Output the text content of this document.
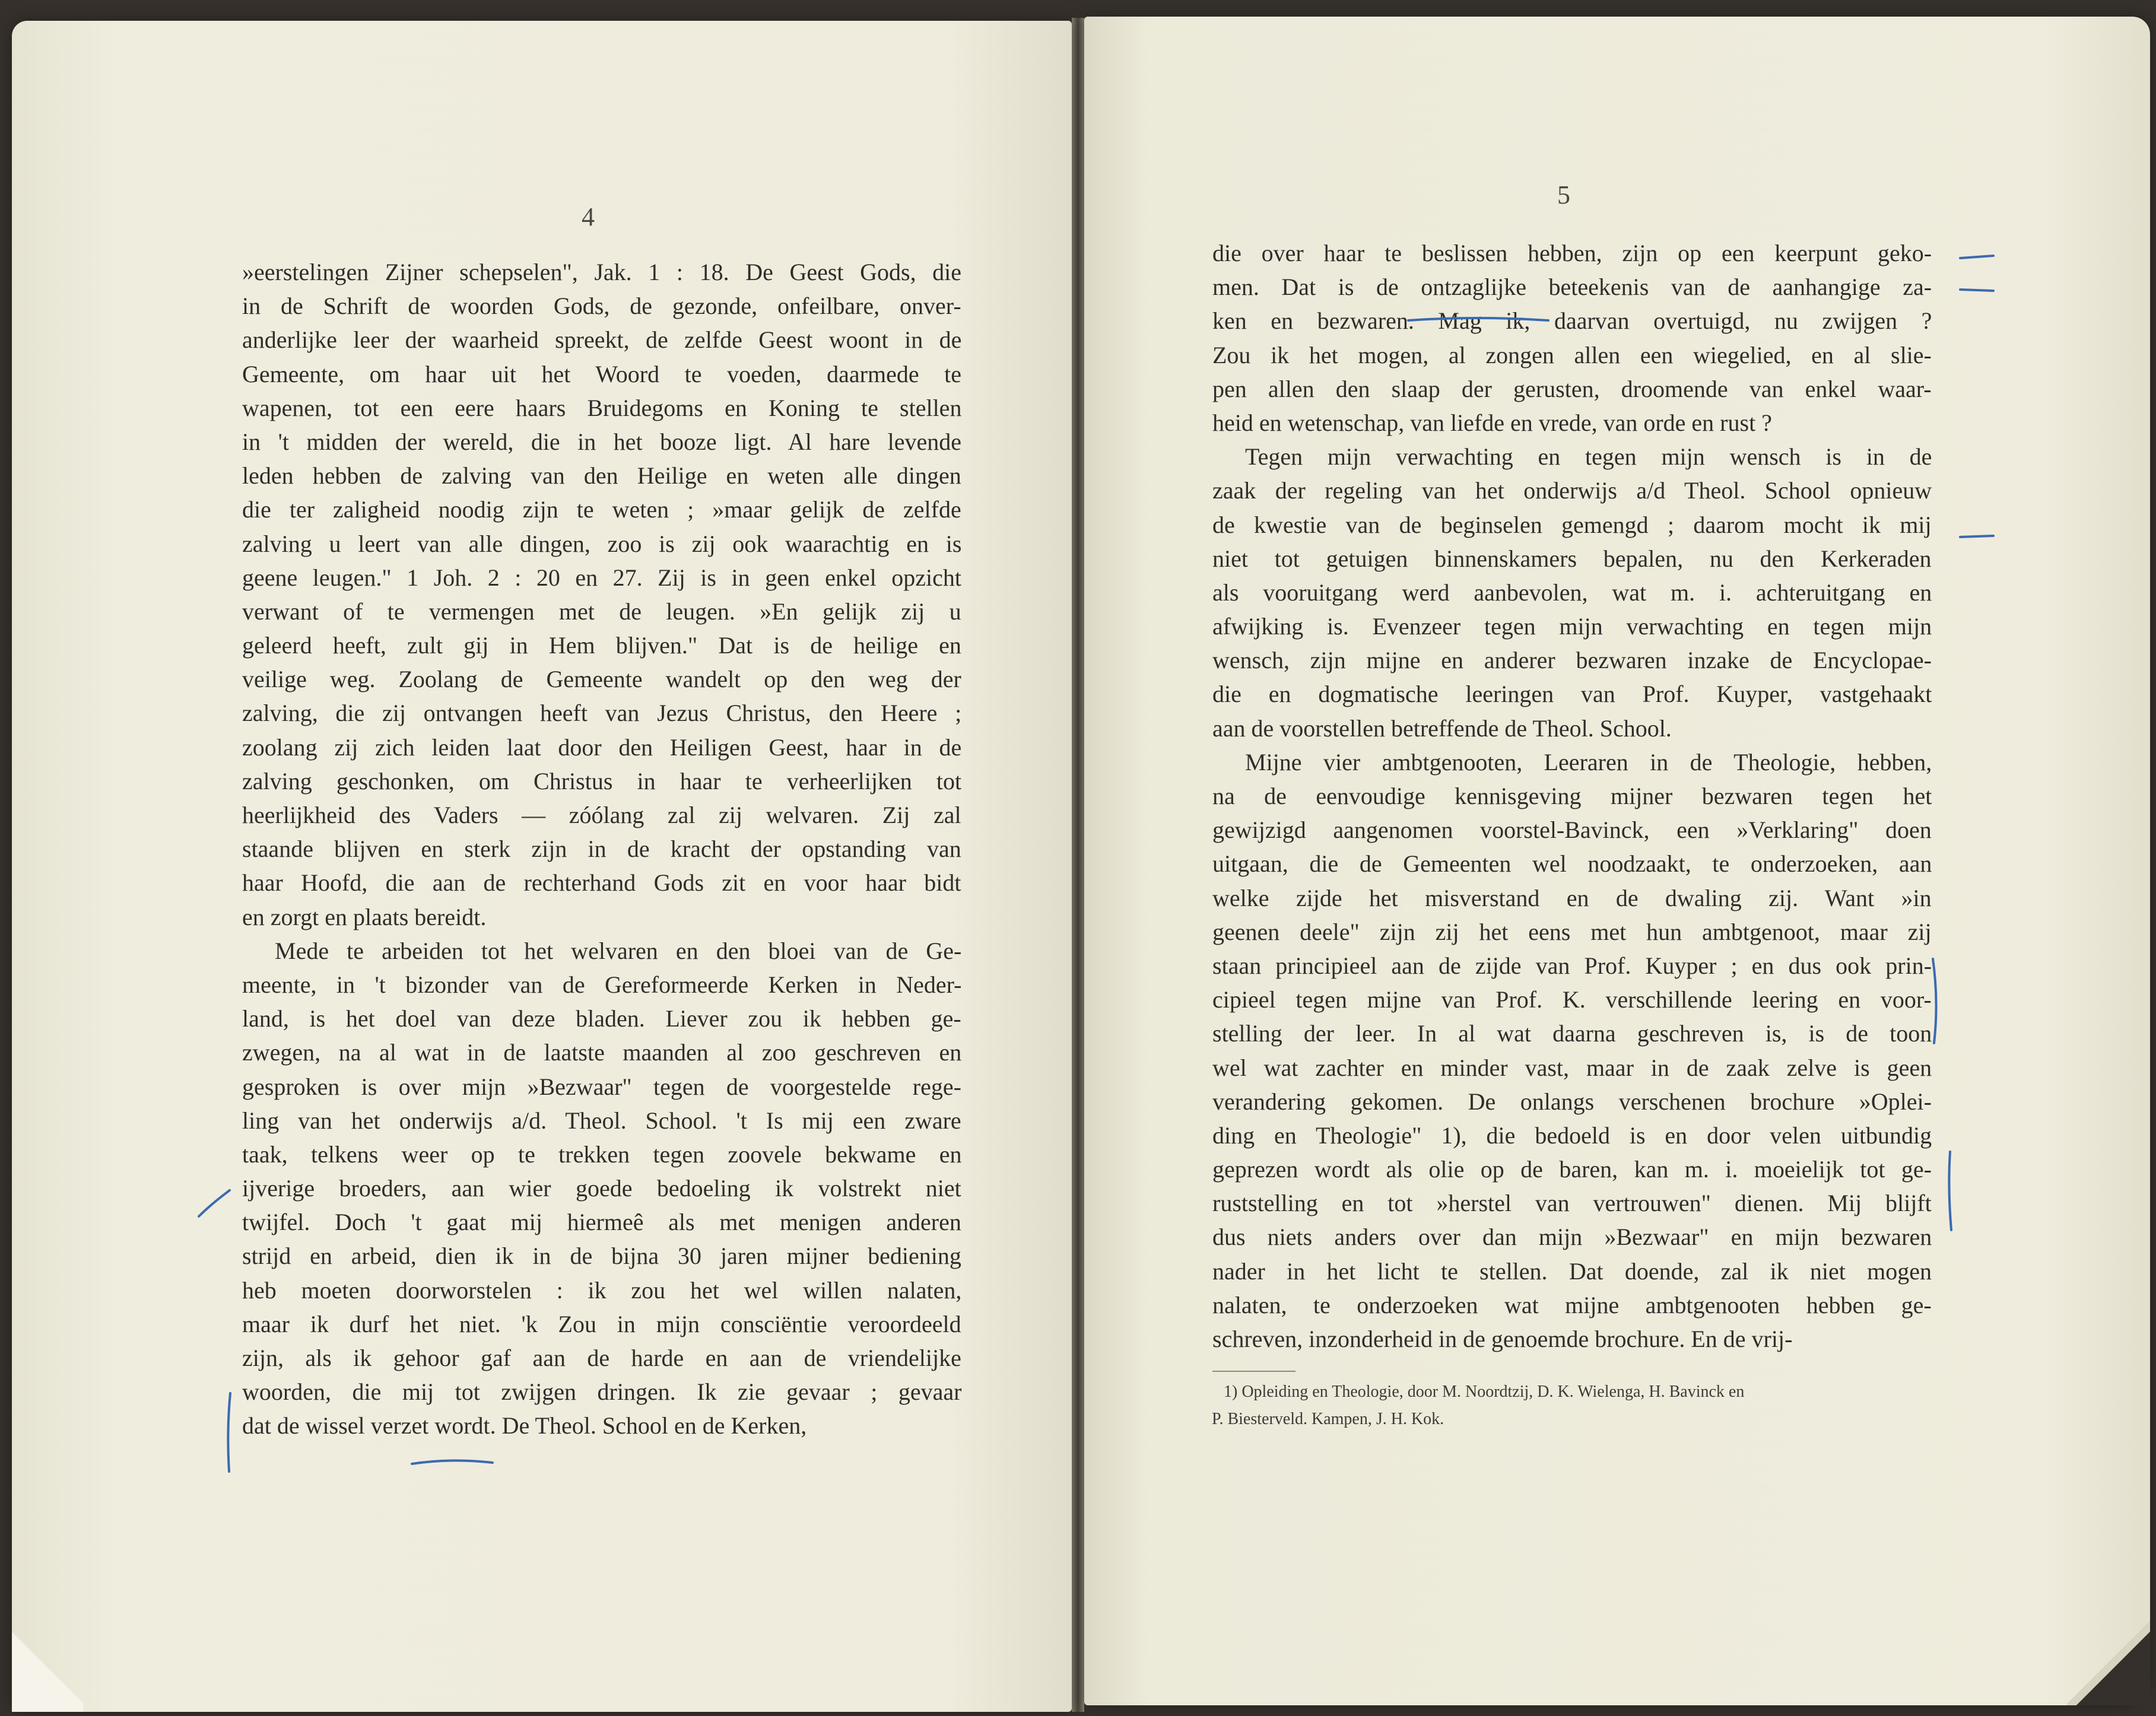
4
»eerstelingen Zijner schepselen", Jak. 1 : 18. De Geest Gods, die
in de Schrift de woorden Gods, de gezonde, onfeilbare, onver-
anderlijke leer der waarheid spreekt, de zelfde Geest woont in de
Gemeente, om haar uit het Woord te voeden, daarmede te
wapenen, tot een eere haars Bruidegoms en Koning te stellen
in 't midden der wereld, die in het booze ligt. Al hare levende
leden hebben de zalving van den Heilige en weten alle dingen
die ter zaligheid noodig zijn te weten ; »maar gelijk de zelfde
zalving u leert van alle dingen, zoo is zij ook waarachtig en is
geene leugen." 1 Joh. 2 : 20 en 27. Zij is in geen enkel opzicht
verwant of te vermengen met de leugen. »En gelijk zij u
geleerd heeft, zult gij in Hem blijven." Dat is de heilige en
veilige weg. Zoolang de Gemeente wandelt op den weg der
zalving, die zij ontvangen heeft van Jezus Christus, den Heere ;
zoolang zij zich leiden laat door den Heiligen Geest, haar in de
zalving geschonken, om Christus in haar te verheerlijken tot
heerlijkheid des Vaders — zóólang zal zij welvaren. Zij zal
staande blijven en sterk zijn in de kracht der opstanding van
haar Hoofd, die aan de rechterhand Gods zit en voor haar bidt
en zorgt en plaats bereidt.
Mede te arbeiden tot het welvaren en den bloei van de Ge-
meente, in 't bizonder van de Gereformeerde Kerken in Neder-
land, is het doel van deze bladen. Liever zou ik hebben ge-
zwegen, na al wat in de laatste maanden al zoo geschreven en
gesproken is over mijn »Bezwaar" tegen de voorgestelde rege-
ling van het onderwijs a/d. Theol. School. 't Is mij een zware
taak, telkens weer op te trekken tegen zoovele bekwame en
ijverige broeders, aan wier goede bedoeling ik volstrekt niet
twijfel. Doch 't gaat mij hiermeê als met menigen anderen
strijd en arbeid, dien ik in de bijna 30 jaren mijner bediening
heb moeten doorworstelen : ik zou het wel willen nalaten,
maar ik durf het niet. 'k Zou in mijn consciëntie veroordeeld
zijn, als ik gehoor gaf aan de harde en aan de vriendelijke
woorden, die mij tot zwijgen dringen. Ik zie gevaar ; gevaar
dat de wissel verzet wordt. De Theol. School en de Kerken,
5
die over haar te beslissen hebben, zijn op een keerpunt geko-
men. Dat is de ontzaglijke beteekenis van de aanhangige za-
ken en bezwaren. Mag ik, daarvan overtuigd, nu zwijgen ?
Zou ik het mogen, al zongen allen een wiegelied, en al slie-
pen allen den slaap der gerusten, droomende van enkel waar-
heid en wetenschap, van liefde en vrede, van orde en rust ?
Tegen mijn verwachting en tegen mijn wensch is in de
zaak der regeling van het onderwijs a/d Theol. School opnieuw
de kwestie van de beginselen gemengd ; daarom mocht ik mij
niet tot getuigen binnenskamers bepalen, nu den Kerkeraden
als vooruitgang werd aanbevolen, wat m. i. achteruitgang en
afwijking is. Evenzeer tegen mijn verwachting en tegen mijn
wensch, zijn mijne en anderer bezwaren inzake de Encyclopae-
die en dogmatische leeringen van Prof. Kuyper, vastgehaakt
aan de voorstellen betreffende de Theol. School.
Mijne vier ambtgenooten, Leeraren in de Theologie, hebben,
na de eenvoudige kennisgeving mijner bezwaren tegen het
gewijzigd aangenomen voorstel-Bavinck, een »Verklaring" doen
uitgaan, die de Gemeenten wel noodzaakt, te onderzoeken, aan
welke zijde het misverstand en de dwaling zij. Want »in
geenen deele" zijn zij het eens met hun ambtgenoot, maar zij
staan principieel aan de zijde van Prof. Kuyper ; en dus ook prin-
cipieel tegen mijne van Prof. K. verschillende leering en voor-
stelling der leer. In al wat daarna geschreven is, is de toon
wel wat zachter en minder vast, maar in de zaak zelve is geen
verandering gekomen. De onlangs verschenen brochure »Oplei-
ding en Theologie" 1), die bedoeld is en door velen uitbundig
geprezen wordt als olie op de baren, kan m. i. moeielijk tot ge-
ruststelling en tot »herstel van vertrouwen" dienen. Mij blijft
dus niets anders over dan mijn »Bezwaar" en mijn bezwaren
nader in het licht te stellen. Dat doende, zal ik niet mogen
nalaten, te onderzoeken wat mijne ambtgenooten hebben ge-
schreven, inzonderheid in de genoemde brochure. En de vrij-
1) Opleiding en Theologie, door M. Noordtzij, D. K. Wielenga, H. Bavinck en
P. Biesterveld. Kampen, J. H. Kok.
